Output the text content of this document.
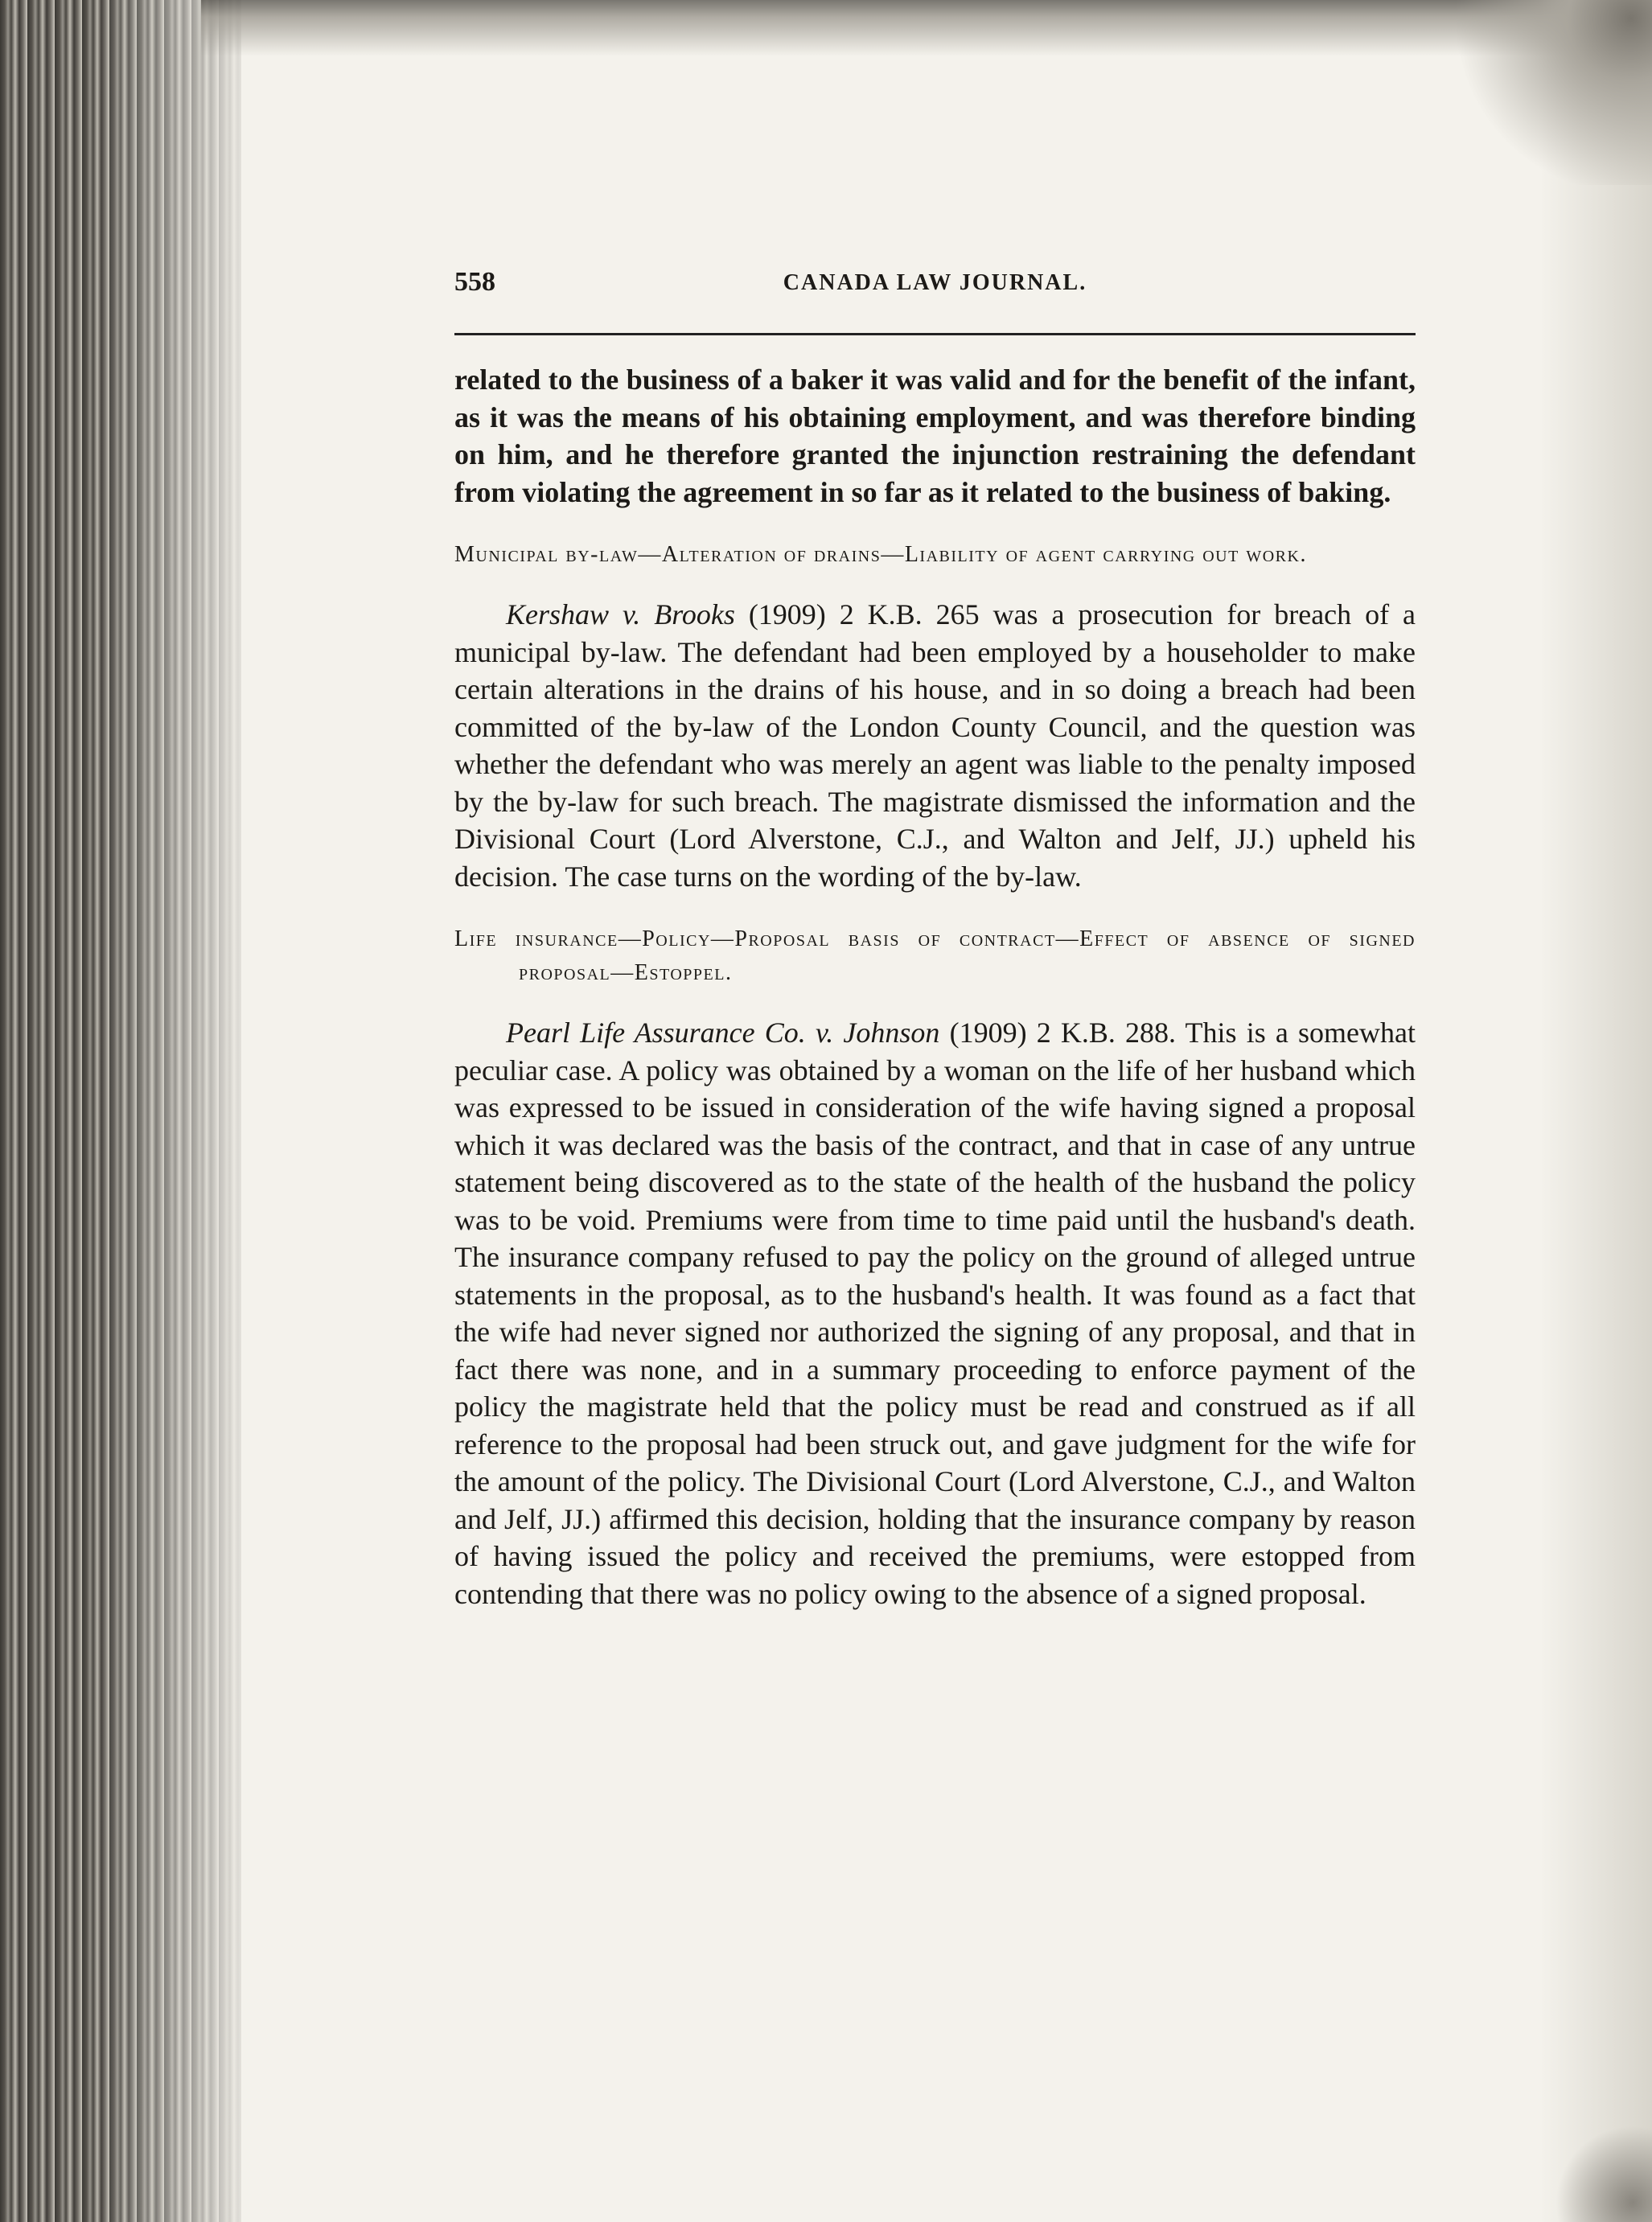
558	CANADA LAW JOURNAL.

related to the business of a baker it was valid and for the benefit of the infant, as it was the means of his obtaining employment, and was therefore binding on him, and he therefore granted the injunction restraining the defendant from violating the agreement in so far as it related to the business of baking.

Municipal by-law—Alteration of drains—Liability of agent carrying out work.

Kershaw v. Brooks (1909) 2 K.B. 265 was a prosecution for breach of a municipal by-law. The defendant had been employed by a householder to make certain alterations in the drains of his house, and in so doing a breach had been committed of the by-law of the London County Council, and the question was whether the defendant who was merely an agent was liable to the penalty imposed by the by-law for such breach. The magistrate dismissed the information and the Divisional Court (Lord Alverstone, C.J., and Walton and Jelf, JJ.) upheld his decision. The case turns on the wording of the by-law.

Life insurance—Policy—Proposal basis of contract—Effect of absence of signed proposal—Estoppel.

Pearl Life Assurance Co. v. Johnson (1909) 2 K.B. 288. This is a somewhat peculiar case. A policy was obtained by a woman on the life of her husband which was expressed to be issued in consideration of the wife having signed a proposal which it was declared was the basis of the contract, and that in case of any untrue statement being discovered as to the state of the health of the husband the policy was to be void. Premiums were from time to time paid until the husband's death. The insurance company refused to pay the policy on the ground of alleged untrue statements in the proposal, as to the husband's health. It was found as a fact that the wife had never signed nor authorized the signing of any proposal, and that in fact there was none, and in a summary proceeding to enforce payment of the policy the magistrate held that the policy must be read and construed as if all reference to the proposal had been struck out, and gave judgment for the wife for the amount of the policy. The Divisional Court (Lord Alverstone, C.J., and Walton and Jelf, JJ.) affirmed this decision, holding that the insurance company by reason of having issued the policy and received the premiums, were estopped from contending that there was no policy owing to the absence of a signed proposal.
